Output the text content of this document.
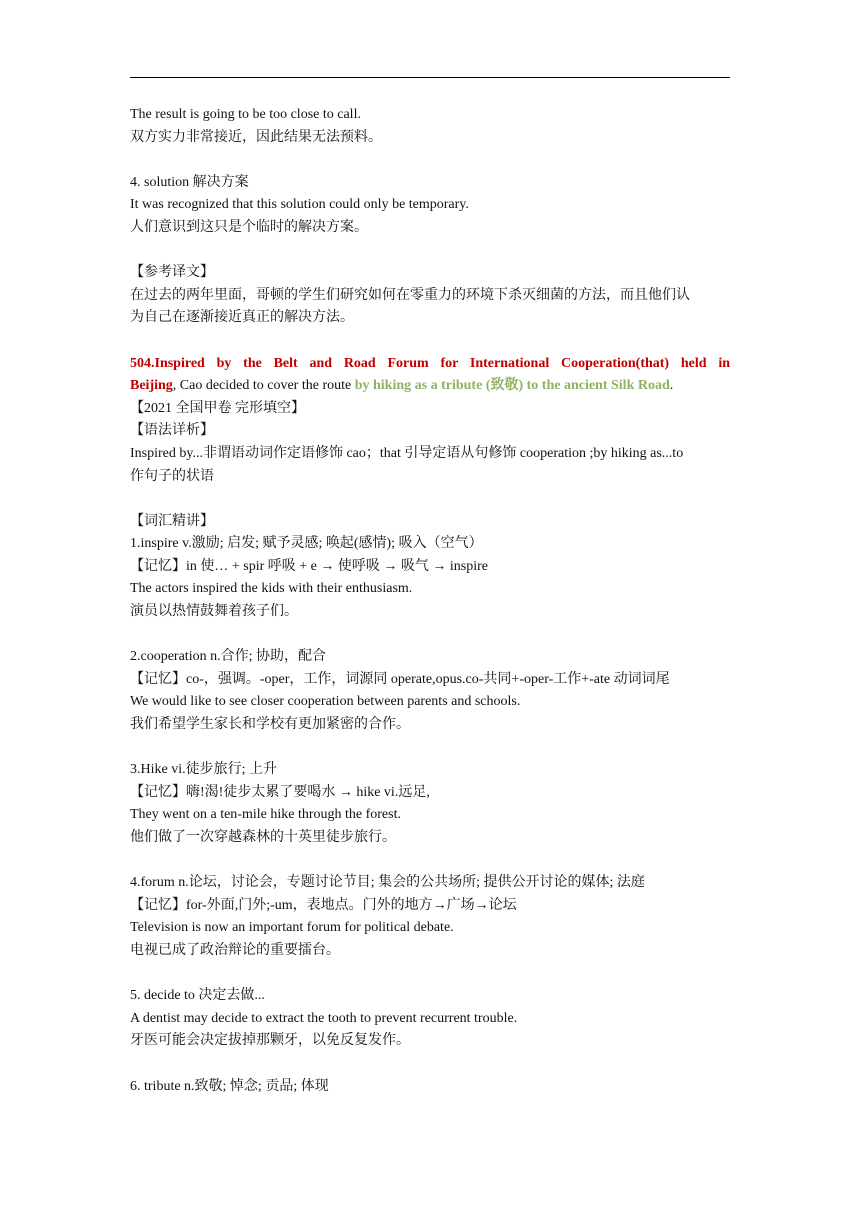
The result is going to be too close to call.
双方实力非常接近，因此结果无法预料。
4. solution 解决方案
It was recognized that this solution could only be temporary.
人们意识到这只是个临时的解决方案。
【参考译文】
在过去的两年里面，哥顿的学生们研究如何在零重力的环境下杀灭细菌的方法，而且他们认
为自己在逐渐接近真正的解决方法。
504.Inspired by the Belt and Road Forum for International Cooperation(that) held in
Beijing, Cao decided to cover the route by hiking as a tribute (致敬) to the ancient Silk Road.
【2021 全国甲卷 完形填空】
【语法详析】
Inspired by...非谓语动词作定语修饰 cao；that 引导定语从句修饰 cooperation ;by hiking as...to
作句子的状语
【词汇精讲】
1.inspire v.激励; 启发; 赋予灵感; 唤起(感情); 吸入（空气）
【记忆】in 使… + spir 呼吸 + e → 使呼吸 → 吸气 → inspire
The actors inspired the kids with their enthusiasm.
演员以热情鼓舞着孩子们。
2.cooperation n.合作; 协助，配合
【记忆】co-，强调。-oper，工作，词源同 operate,opus.co-共同+-oper-工作+-ate 动词词尾
We would like to see closer cooperation between parents and schools.
我们希望学生家长和学校有更加紧密的合作。
3.Hike vi.徒步旅行; 上升
【记忆】嗨!渴!徒步太累了要喝水 → hike vi.远足,
They went on a ten-mile hike through the forest.
他们做了一次穿越森林的十英里徒步旅行。
4.forum n.论坛，讨论会，专题讨论节目; 集会的公共场所; 提供公开讨论的媒体; 法庭
【记忆】for-外面,门外;-um，表地点。门外的地方→广场→论坛
Television is now an important forum for political debate.
电视已成了政治辩论的重要擂台。
5. decide to 决定去做...
A dentist may decide to extract the tooth to prevent recurrent trouble.
牙医可能会决定拔掉那颗牙，以免反复发作。
6. tribute n.致敬; 悼念; 贡品; 体现
